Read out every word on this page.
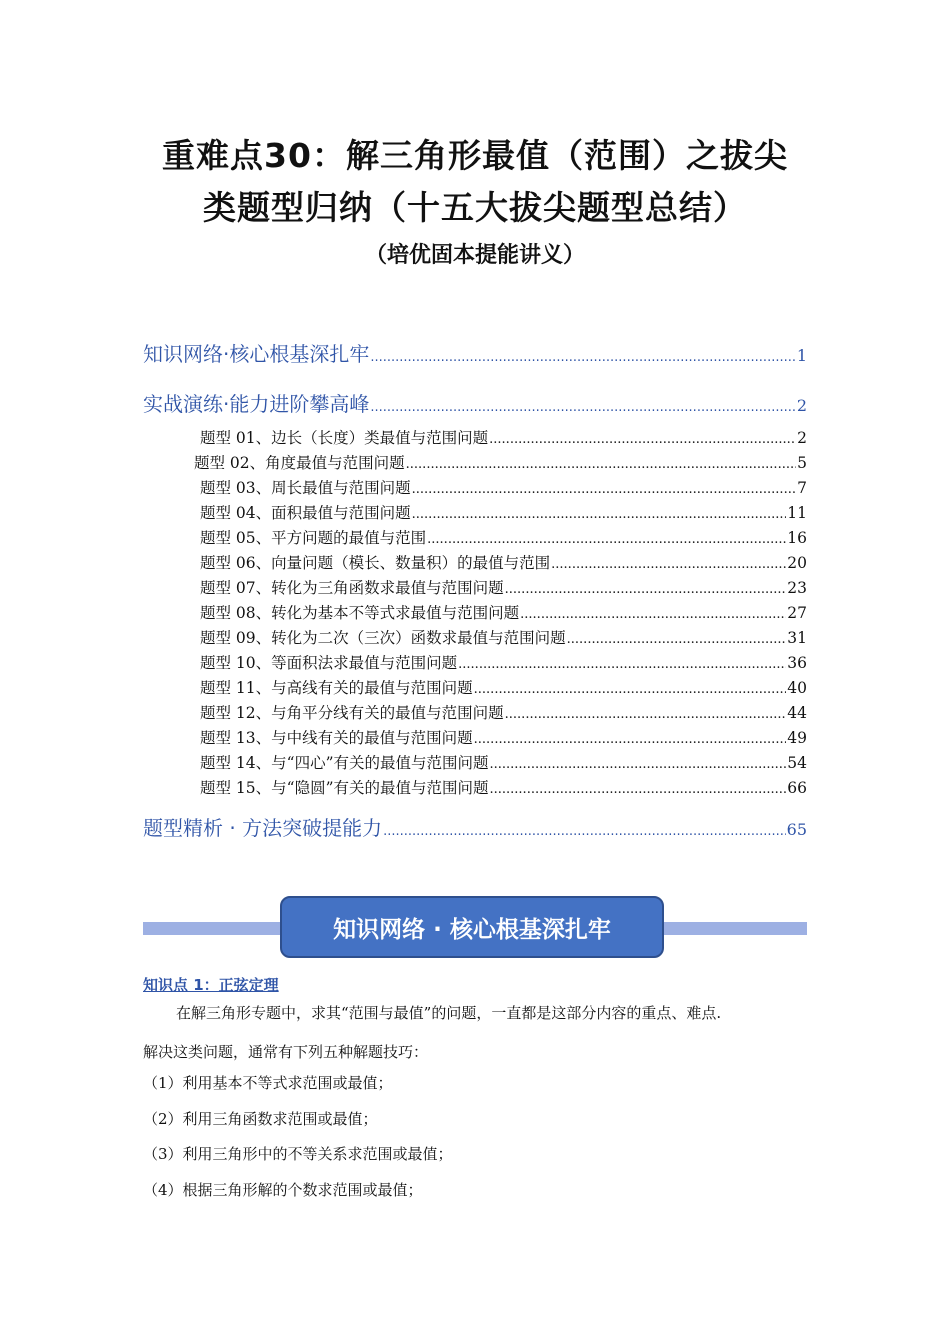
重难点30：解三角形最值（范围）之拔尖
类题型归纳（十五大拔尖题型总结）
（培优固本提能讲义）
知识网络·核心根基深扎牢 .....	1
实战演练·能力进阶攀高峰 .....	2
题型 01、边长（长度）类最值与范围问题 .....	2
题型 02、角度最值与范围问题 .....	5
题型 03、周长最值与范围问题 .....	7
题型 04、面积最值与范围问题 .....	11
题型 05、平方问题的最值与范围 .....	16
题型 06、向量问题（模长、数量积）的最值与范围 .....	20
题型 07、转化为三角函数求最值与范围问题 .....	23
题型 08、转化为基本不等式求最值与范围问题 .....	27
题型 09、转化为二次（三次）函数求最值与范围问题 .....	31
题型 10、等面积法求最值与范围问题 .....	36
题型 11、与高线有关的最值与范围问题 .....	40
题型 12、与角平分线有关的最值与范围问题 .....	44
题型 13、与中线有关的最值与范围问题 .....	49
题型 14、与“四心”有关的最值与范围问题 .....	54
题型 15、与“隐圆”有关的最值与范围问题 .....	66
题型精析 · 方法突破提能力 .....	65
知识网络 · 核心根基深扎牢
知识点 1：正弦定理
在解三角形专题中，求其“范围与最值”的问题，一直都是这部分内容的重点、难点.
解决这类问题，通常有下列五种解题技巧：
（1）利用基本不等式求范围或最值；
（2）利用三角函数求范围或最值；
（3）利用三角形中的不等关系求范围或最值；
（4）根据三角形解的个数求范围或最值；
